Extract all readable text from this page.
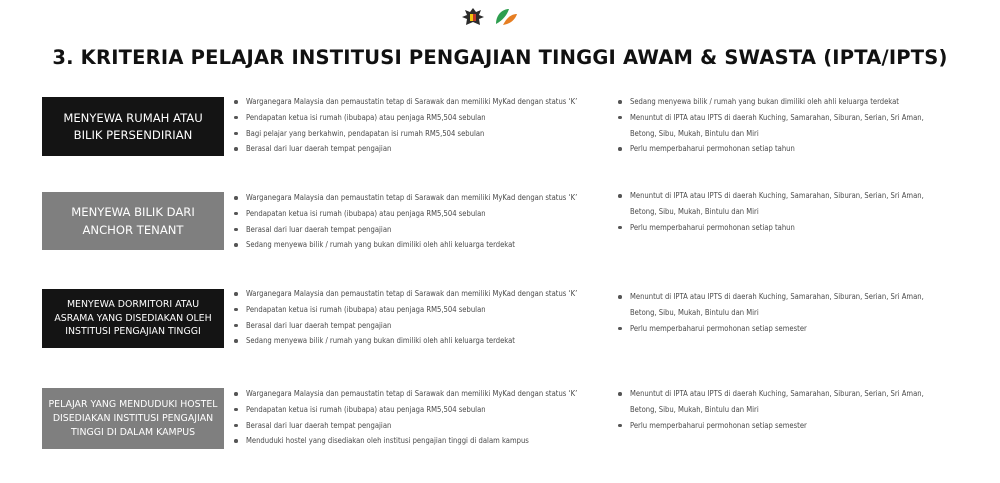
3. KRITERIA PELAJAR INSTITUSI PENGAJIAN TINGGI AWAM & SWASTA (IPTA/IPTS)
MENYEWA RUMAH ATAU BILIK PERSENDIRIAN
Warganegara Malaysia dan pemaustatin tetap di Sarawak dan memiliki MyKad dengan status ‘K’
Pendapatan ketua isi rumah (ibubapa) atau penjaga RM5,504 sebulan
Bagi pelajar yang berkahwin, pendapatan isi rumah RM5,504 sebulan
Berasal dari luar daerah tempat pengajian
Sedang menyewa bilik / rumah yang bukan dimiliki oleh ahli keluarga terdekat
Menuntut di IPTA atau IPTS di daerah Kuching, Samarahan, Siburan, Serian, Sri Aman, Betong, Sibu, Mukah, Bintulu dan Miri
Perlu memperbaharui permohonan setiap tahun
MENYEWA BILIK DARI ANCHOR TENANT
Warganegara Malaysia dan pemaustatin tetap di Sarawak dan memiliki MyKad dengan status ‘K’
Pendapatan ketua isi rumah (ibubapa) atau penjaga RM5,504 sebulan
Berasal dari luar daerah tempat pengajian
Sedang menyewa bilik / rumah yang bukan dimiliki oleh ahli keluarga terdekat
Menuntut di IPTA atau IPTS di daerah Kuching, Samarahan, Siburan, Serian, Sri Aman, Betong, Sibu, Mukah, Bintulu dan Miri
Perlu memperbaharui permohonan setiap tahun
MENYEWA DORMITORI ATAU ASRAMA YANG DISEDIAKAN OLEH INSTITUSI PENGAJIAN TINGGI
Warganegara Malaysia dan pemaustatin tetap di Sarawak dan memiliki MyKad dengan status ‘K’
Pendapatan ketua isi rumah (ibubapa) atau penjaga RM5,504 sebulan
Berasal dari luar daerah tempat pengajian
Sedang menyewa bilik / rumah yang bukan dimiliki oleh ahli keluarga terdekat
Menuntut di IPTA atau IPTS di daerah Kuching, Samarahan, Siburan, Serian, Sri Aman, Betong, Sibu, Mukah, Bintulu dan Miri
Perlu memperbaharui permohonan setiap semester
PELAJAR YANG MENDUDUKI HOSTEL DISEDIAKAN INSTITUSI PENGAJIAN TINGGI DI DALAM KAMPUS
Warganegara Malaysia dan pemaustatin tetap di Sarawak dan memiliki MyKad dengan status ‘K’
Pendapatan ketua isi rumah (ibubapa) atau penjaga RM5,504 sebulan
Berasal dari luar daerah tempat pengajian
Menduduki hostel yang disediakan oleh institusi pengajian tinggi di dalam kampus
Menuntut di IPTA atau IPTS di daerah Kuching, Samarahan, Siburan, Serian, Sri Aman, Betong, Sibu, Mukah, Bintulu dan Miri
Perlu memperbaharui permohonan setiap semester
